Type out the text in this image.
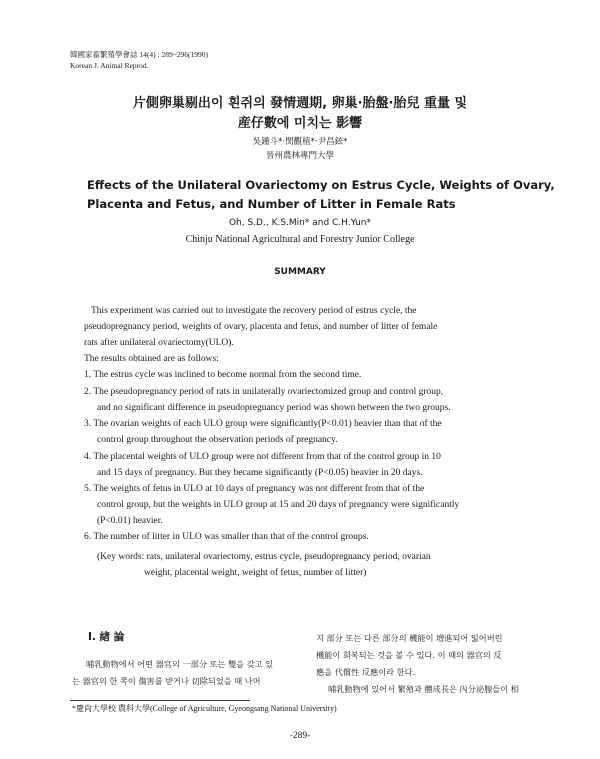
韓國家畜繁殖學會誌 14(4) : 289~296(1990)
Korean J. Animal Reprod.
片側卵巢剔出이 흰쥐의 發情週期, 卵巢·胎盤·胎兒 重量 및
産仔數에 미치는 影響
吳鍾斗*·閔觀植*·尹昌鉉*
晉州農林專門大學
Effects of the Unilateral Ovariectomy on Estrus Cycle, Weights of Ovary,
Placenta and Fetus, and Number of Litter in Female Rats
Oh, S.D., K.S.Min* and C.H.Yun*
Chinju National Agricultural and Forestry Junior College
SUMMARY
This experiment was carried out to investigate the recovery period of estrus cycle, the
pseudopregnancy period, weights of ovary, placenta and fetus, and number of litter of female
rats after unilateral ovariectomy(ULO).
The results obtained are as follows:
1. The estrus cycle was inclined to become normal from the second time.
2. The pseudopregnancy period of rats in unilaterally ovariectomized group and control group,
and no significant difference in pseudopregnancy period was shown between the two groups.
3. The ovarian weights of each ULO group were significantly(P<0.01) heavier than that of the
control group throughout the observation periods of pregnancy.
4. The placental weights of ULO group were not different from that of the control group in 10
and 15 days of pregnancy. But they became significantly (P<0.05) heavier in 20 days.
5. The weights of fetus in ULO at 10 days of pregnancy was not different from that of the
control group, but the weights in ULO group at 15 and 20 days of pregnancy were significantly
(P<0.01) heavier.
6. The number of litter in ULO was smaller than that of the control groups.
(Key words: rats, unilateral ovariectomy, estrus cycle, pseudopregnancy period, ovarian
weight, placental weight, weight of fetus, number of litter)
I. 緖 論
哺乳動物에서 어떤 器官의 一部分 또는 雙을 갖고 있
는 器官의 한 쪽이 傷害를 받거나 切除되었을 때 나머
지 部分 또는 다른 部分의 機能이 增進되어 잃어버린
機能이 회복되는 것을 볼 수 있다. 이 때의 器官의 反
應을 代償性 反應이라 한다.
哺乳動物에 있어서 繁殖과 體成長은 內分泌腺들이 相
*慶尙大學校 農科大學(College of Agriculture, Gyeongsang National University)
-289-
